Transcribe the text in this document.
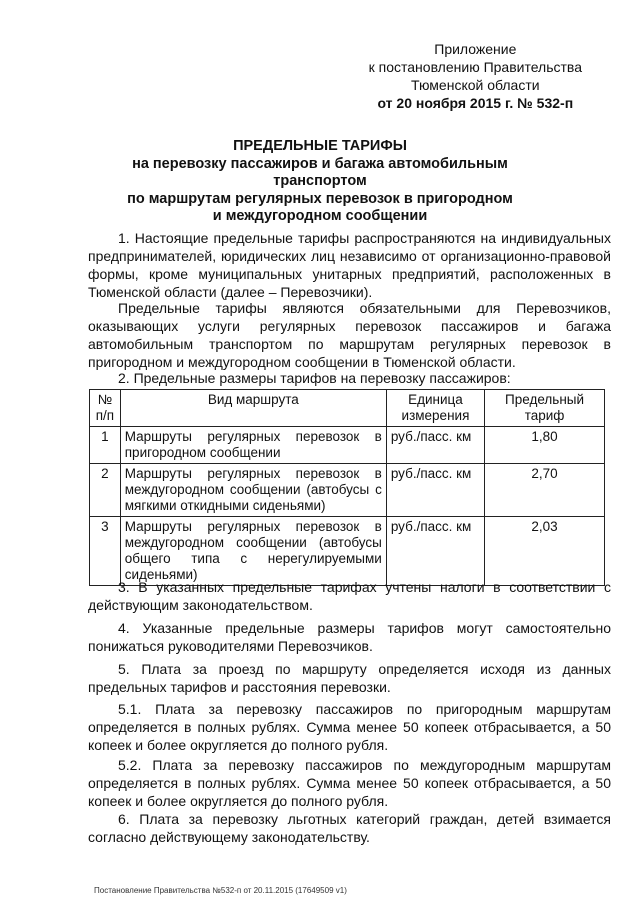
Приложение
к постановлению Правительства
Тюменской области
от 20 ноября 2015 г. № 532-п
ПРЕДЕЛЬНЫЕ ТАРИФЫ
на перевозку пассажиров и багажа автомобильным транспортом
по маршрутам регулярных перевозок в пригородном
и междугородном сообщении

1. Настоящие предельные тарифы распространяются на индивидуальных предпринимателей, юридических лиц независимо от организационно-правовой формы, кроме муниципальных унитарных предприятий, расположенных в Тюменской области (далее – Перевозчики).

Предельные тарифы являются обязательными для Перевозчиков, оказывающих услуги регулярных перевозок пассажиров и багажа автомобильным транспортом по маршрутам регулярных перевозок в пригородном и междугородном сообщении в Тюменской области.

2. Предельные размеры тарифов на перевозку пассажиров:

№ п/п	Вид маршрута	Единица измерения	Предельный тариф
1	Маршруты регулярных перевозок в пригородном сообщении	руб./пасс. км	1,80
2	Маршруты регулярных перевозок в междугородном сообщении (автобусы с мягкими откидными сиденьями)	руб./пасс. км	2,70
3	Маршруты регулярных перевозок в междугородном сообщении (автобусы общего типа с нерегулируемыми сиденьями)	руб./пасс. км	2,03

3. В указанных предельные тарифах учтены налоги в соответствии с действующим законодательством.

4. Указанные предельные размеры тарифов могут самостоятельно понижаться руководителями Перевозчиков.

5. Плата за проезд по маршруту определяется исходя из данных предельных тарифов и расстояния перевозки.

5.1. Плата за перевозку пассажиров по пригородным маршрутам определяется в полных рублях. Сумма менее 50 копеек отбрасывается, а 50 копеек и более округляется до полного рубля.

5.2. Плата за перевозку пассажиров по междугородным маршрутам определяется в полных рублях. Сумма менее 50 копеек отбрасывается, а 50 копеек и более округляется до полного рубля.

6. Плата за перевозку льготных категорий граждан, детей взимается согласно действующему законодательству.

Постановление Правительства №532-п от 20.11.2015 (17649509 v1)
